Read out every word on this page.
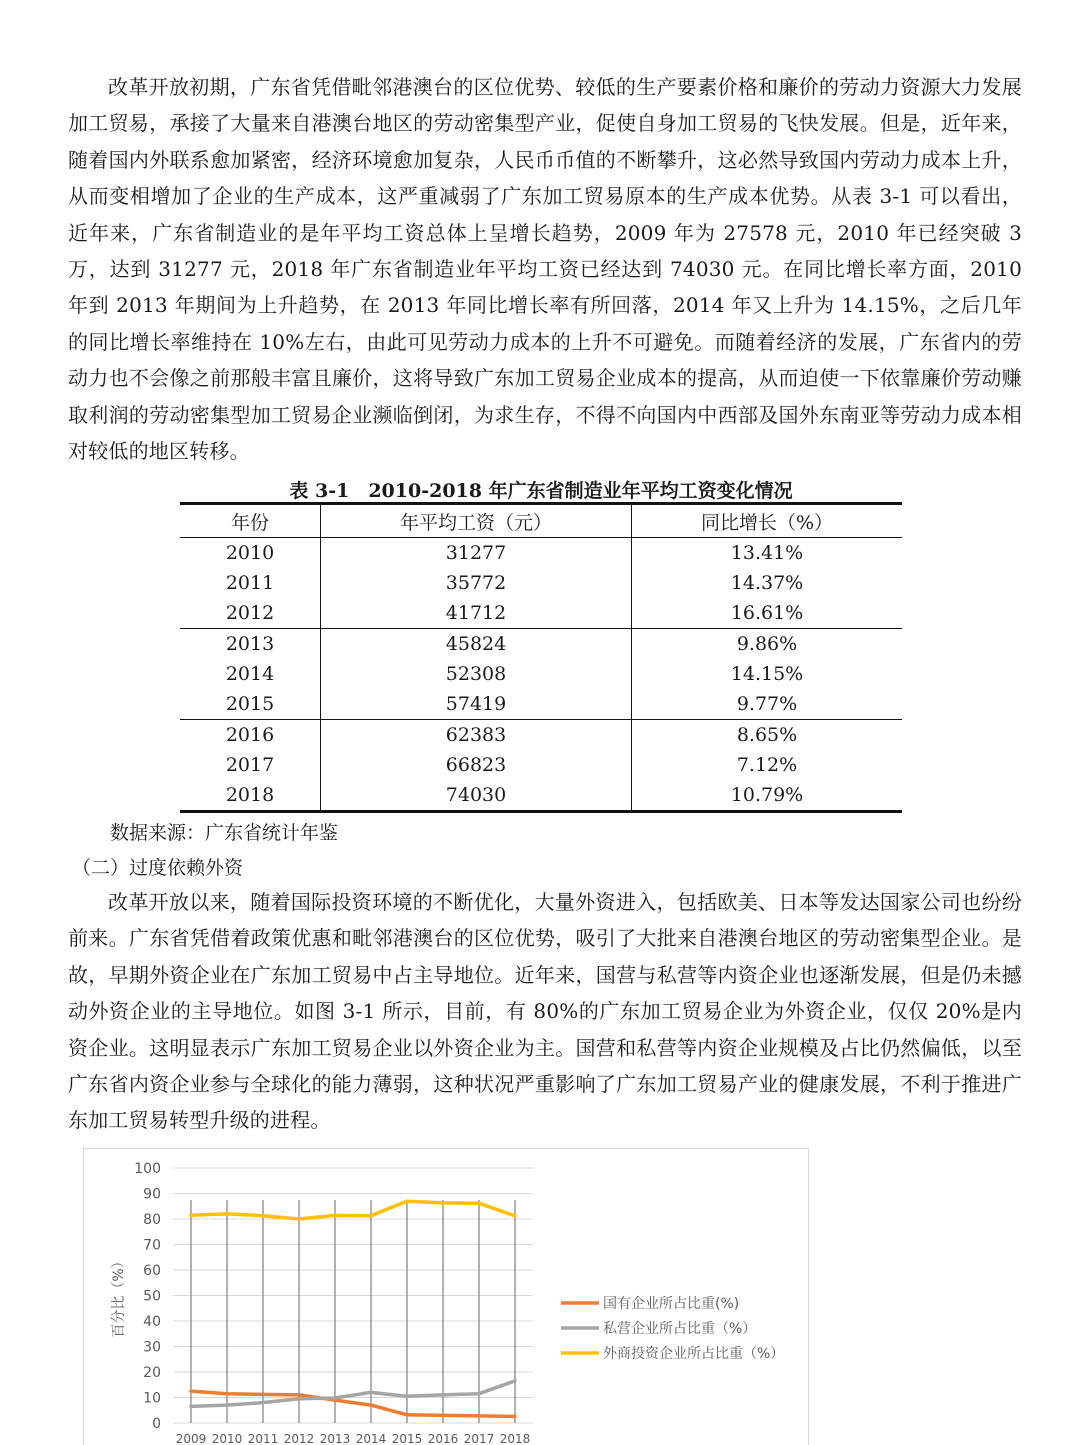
改革开放初期，广东省凭借毗邻港澳台的区位优势、较低的生产要素价格和廉价的劳动力资源大力发展加工贸易，承接了大量来自港澳台地区的劳动密集型产业，促使自身加工贸易的飞快发展。但是，近年来，随着国内外联系愈加紧密，经济环境愈加复杂，人民币币值的不断攀升，这必然导致国内劳动力成本上升，从而变相增加了企业的生产成本，这严重减弱了广东加工贸易原本的生产成本优势。从表 3-1 可以看出，近年来，广东省制造业的是年平均工资总体上呈增长趋势，2009 年为 27578 元，2010 年已经突破 3 万，达到 31277 元，2018 年广东省制造业年平均工资已经达到 74030 元。在同比增长率方面，2010 年到 2013 年期间为上升趋势，在 2013 年同比增长率有所回落，2014 年又上升为 14.15%，之后几年的同比增长率维持在 10%左右，由此可见劳动力成本的上升不可避免。而随着经济的发展，广东省内的劳动力也不会像之前那般丰富且廉价，这将导致广东加工贸易企业成本的提高，从而迫使一下依靠廉价劳动赚取利润的劳动密集型加工贸易企业濒临倒闭，为求生存，不得不向国内中西部及国外东南亚等劳动力成本相对较低的地区转移。

表 3-1　2010-2018 年广东省制造业年平均工资变化情况
年份	年平均工资（元）	同比增长（%）
2010	31277	13.41%
2011	35772	14.37%
2012	41712	16.61%
2013	45824	9.86%
2014	52308	14.15%
2015	57419	9.77%
2016	62383	8.65%
2017	66823	7.12%
2018	74030	10.79%
数据来源：广东省统计年鉴
（二）过度依赖外资

改革开放以来，随着国际投资环境的不断优化，大量外资进入，包括欧美、日本等发达国家公司也纷纷前来。广东省凭借着政策优惠和毗邻港澳台的区位优势，吸引了大批来自港澳台地区的劳动密集型企业。是故，早期外资企业在广东加工贸易中占主导地位。近年来，国营与私营等内资企业也逐渐发展，但是仍未撼动外资企业的主导地位。如图 3-1 所示，目前，有 80%的广东加工贸易企业为外资企业，仅仅 20%是内资企业。这明显表示广东加工贸易企业以外资企业为主。国营和私营等内资企业规模及占比仍然偏低，以至广东省内资企业参与全球化的能力薄弱，这种状况严重影响了广东加工贸易产业的健康发展，不利于推进广东加工贸易转型升级的进程。

0
10
20
30
40
50
60
70
80
90
100
2009 2010 2011 2012 2013 2014 2015 2016 2017 2018
百分比（%）	国有企业所占比重(%)
私营企业所占比重（%）
外商投资企业所占比重（%）
